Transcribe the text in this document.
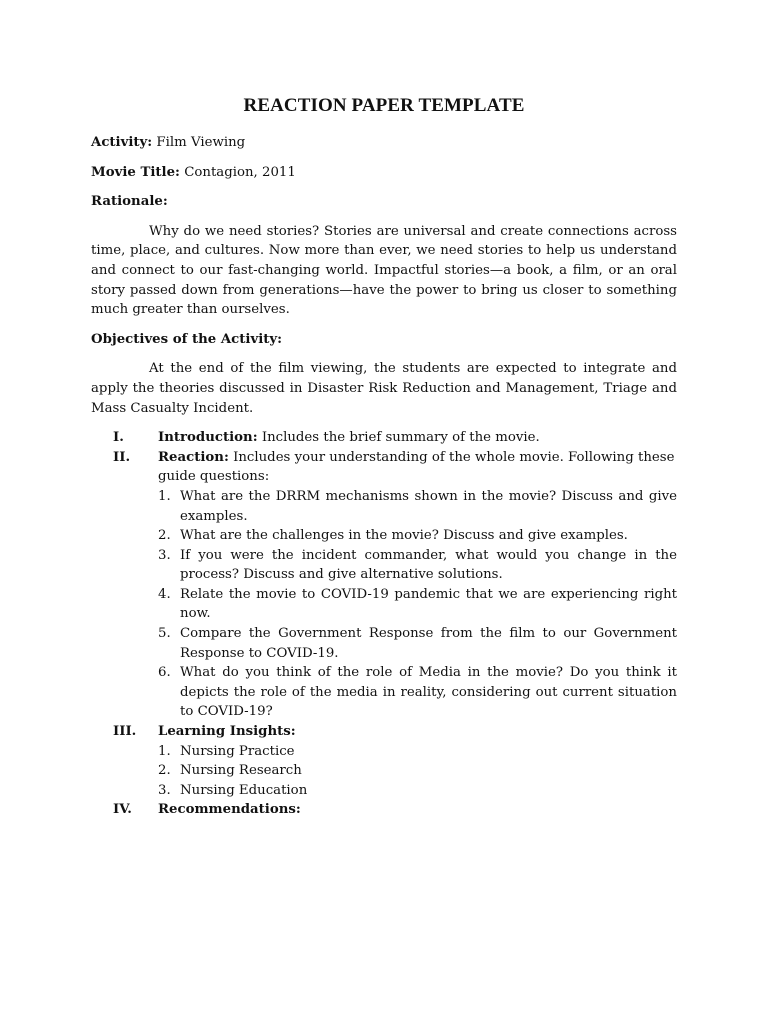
REACTION PAPER TEMPLATE
Activity: Film Viewing
Movie Title: Contagion, 2011
Rationale:
Why do we need stories? Stories are universal and create connections across time, place, and cultures. Now more than ever, we need stories to help us understand and connect to our fast-changing world. Impactful stories—a book, a film, or an oral story passed down from generations—have the power to bring us closer to something much greater than ourselves.
Objectives of the Activity:
At the end of the film viewing, the students are expected to integrate and apply the theories discussed in Disaster Risk Reduction and Management, Triage and Mass Casualty Incident.
I.	Introduction: Includes the brief summary of the movie.
II. Reaction: Includes your understanding of the whole movie. Following these guide questions:
1. What are the DRRM mechanisms shown in the movie? Discuss and give examples.
2. What are the challenges in the movie? Discuss and give examples.
3. If you were the incident commander, what would you change in the process? Discuss and give alternative solutions.
4. Relate the movie to COVID-19 pandemic that we are experiencing right now.
5. Compare the Government Response from the film to our Government Response to COVID-19.
6. What do you think of the role of Media in the movie? Do you think it depicts the role of the media in reality, considering out current situation to COVID-19?
III. Learning Insights:
1. Nursing Practice
2. Nursing Research
3. Nursing Education
IV. Recommendations:
